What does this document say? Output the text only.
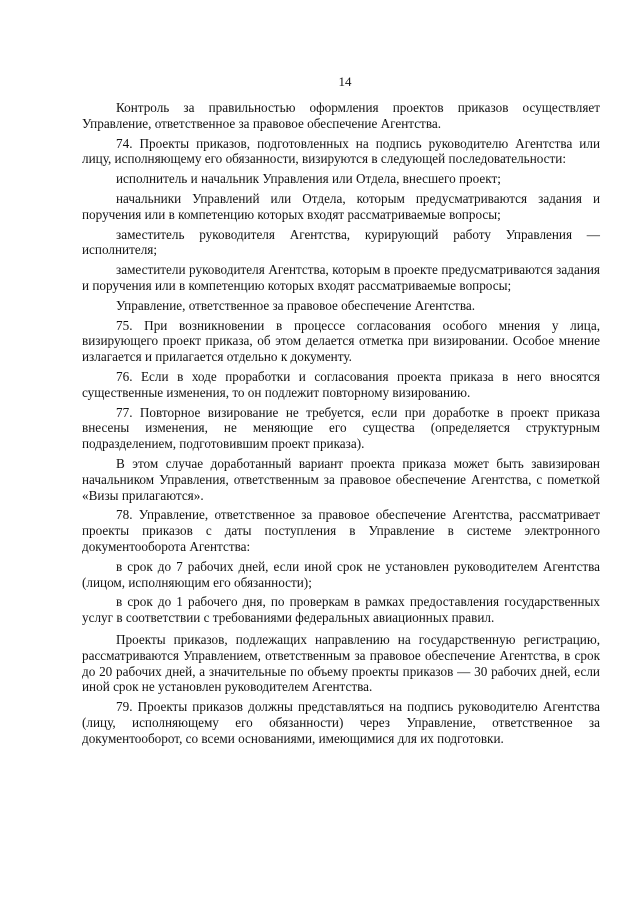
14

Контроль за правильностью оформления проектов приказов осуществляет Управление, ответственное за правовое обеспечение Агентства.

74. Проекты приказов, подготовленных на подпись руководителю Агентства или лицу, исполняющему его обязанности, визируются в следующей последовательности:

исполнитель и начальник Управления или Отдела, внесшего проект;

начальники Управлений или Отдела, которым предусматриваются задания и поручения или в компетенцию которых входят рассматриваемые вопросы;

заместитель руководителя Агентства, курирующий работу Управления — исполнителя;

заместители руководителя Агентства, которым в проекте предусматриваются задания и поручения или в компетенцию которых входят рассматриваемые вопросы;

Управление, ответственное за правовое обеспечение Агентства.

75. При возникновении в процессе согласования особого мнения у лица, визирующего проект приказа, об этом делается отметка при визировании. Особое мнение излагается и прилагается отдельно к документу.

76. Если в ходе проработки и согласования проекта приказа в него вносятся существенные изменения, то он подлежит повторному визированию.

77. Повторное визирование не требуется, если при доработке в проект приказа внесены изменения, не меняющие его существа (определяется структурным подразделением, подготовившим проект приказа).

В этом случае доработанный вариант проекта приказа может быть завизирован начальником Управления, ответственным за правовое обеспечение Агентства, с пометкой «Визы прилагаются».

78. Управление, ответственное за правовое обеспечение Агентства, рассматривает проекты приказов с даты поступления в Управление в системе электронного документооборота Агентства:

в срок до 7 рабочих дней, если иной срок не установлен руководителем Агентства (лицом, исполняющим его обязанности);

в срок до 1 рабочего дня, по проверкам в рамках предоставления государственных услуг в соответствии с требованиями федеральных авиационных правил.

Проекты приказов, подлежащих направлению на государственную регистрацию, рассматриваются Управлением, ответственным за правовое обеспечение Агентства, в срок до 20 рабочих дней, а значительные по объему проекты приказов — 30 рабочих дней, если иной срок не установлен руководителем Агентства.

79. Проекты приказов должны представляться на подпись руководителю Агентства (лицу, исполняющему его обязанности) через Управление, ответственное за документооборот, со всеми основаниями, имеющимися для их подготовки.
